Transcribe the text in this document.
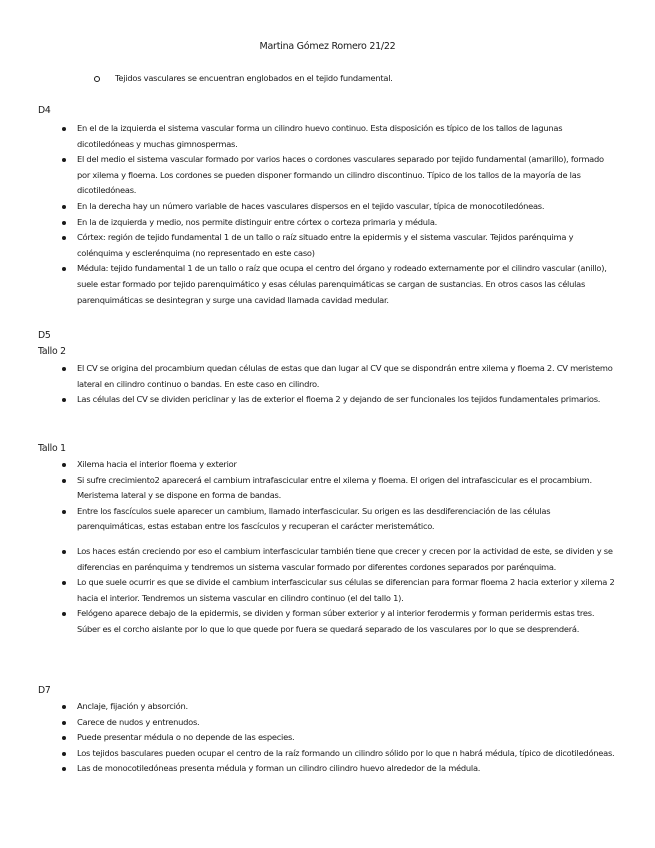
Martina Gómez Romero 21/22
Tejidos vasculares se encuentran englobados en el tejido fundamental.
D4
En el de la izquierda el sistema vascular forma un cilindro huevo continuo. Esta disposición es típico de los tallos de lagunas dicotiledóneas y muchas gimnospermas.
El del medio el sistema vascular formado por varios haces o cordones vasculares separado por tejido fundamental (amarillo), formado por xilema y floema. Los cordones se pueden disponer formando un cilindro discontinuo. Típico de los tallos de la mayoría de las dicotiledóneas.
En la derecha hay un número variable de haces vasculares dispersos en el tejido vascular, típica de monocotiledóneas.
En la de izquierda y medio, nos permite distinguir entre córtex o corteza primaria y médula.
Córtex: región de tejido fundamental 1 de un tallo o raíz situado entre la epidermis y el sistema vascular. Tejidos parénquima y colénquima y esclerénquima (no representado en este caso)
Médula: tejido fundamental 1 de un tallo o raíz que ocupa el centro del órgano y rodeado externamente por el cilindro vascular (anillo), suele estar formado por tejido parenquimático y esas células parenquimáticas se cargan de sustancias. En otros casos las células parenquimáticas se desintegran y surge una cavidad llamada cavidad medular.
D5
Tallo 2
El CV se origina del procambium quedan células de estas que dan lugar al CV que se dispondrán entre xilema y floema 2. CV meristemo lateral en cilindro continuo o bandas. En este caso en cilindro.
Las células del CV se dividen periclinar y las de exterior el floema 2 y dejando de ser funcionales los tejidos fundamentales primarios.
Tallo 1
Xilema hacia el interior floema y exterior
Si sufre crecimiento2 aparecerá el cambium intrafascicular entre el xilema y floema. El origen del intrafascicular es el procambium. Meristema lateral y se dispone en forma de bandas.
Entre los fascículos suele aparecer un cambium, llamado interfascicular. Su origen es las desdiferenciación de las células parenquimáticas, estas estaban entre los fascículos y recuperan el carácter meristemático.
Los haces están creciendo por eso el cambium interfascicular también tiene que crecer y crecen por la actividad de este, se dividen y se diferencias en parénquima y tendremos un sistema vascular formado por diferentes cordones separados por parénquima.
Lo que suele ocurrir es que se divide el cambium interfascicular sus células se diferencian para formar floema 2 hacia exterior y xilema 2 hacia el interior. Tendremos un sistema vascular en cilindro continuo (el del tallo 1).
Felógeno aparece debajo de la epidermis, se dividen y forman súber exterior y al interior ferodermis y forman peridermis estas tres. Súber es el corcho aislante por lo que lo que quede por fuera se quedará separado de los vasculares por lo que se desprenderá.
D7
Anclaje, fijación y absorción.
Carece de nudos y entrenudos.
Puede presentar médula o no depende de las especies.
Los tejidos basculares pueden ocupar el centro de la raíz formando un cilindro sólido por lo que n habrá médula, típico de dicotiledóneas.
Las de monocotiledóneas presenta médula y forman un cilindro cilindro huevo alrededor de la médula.
